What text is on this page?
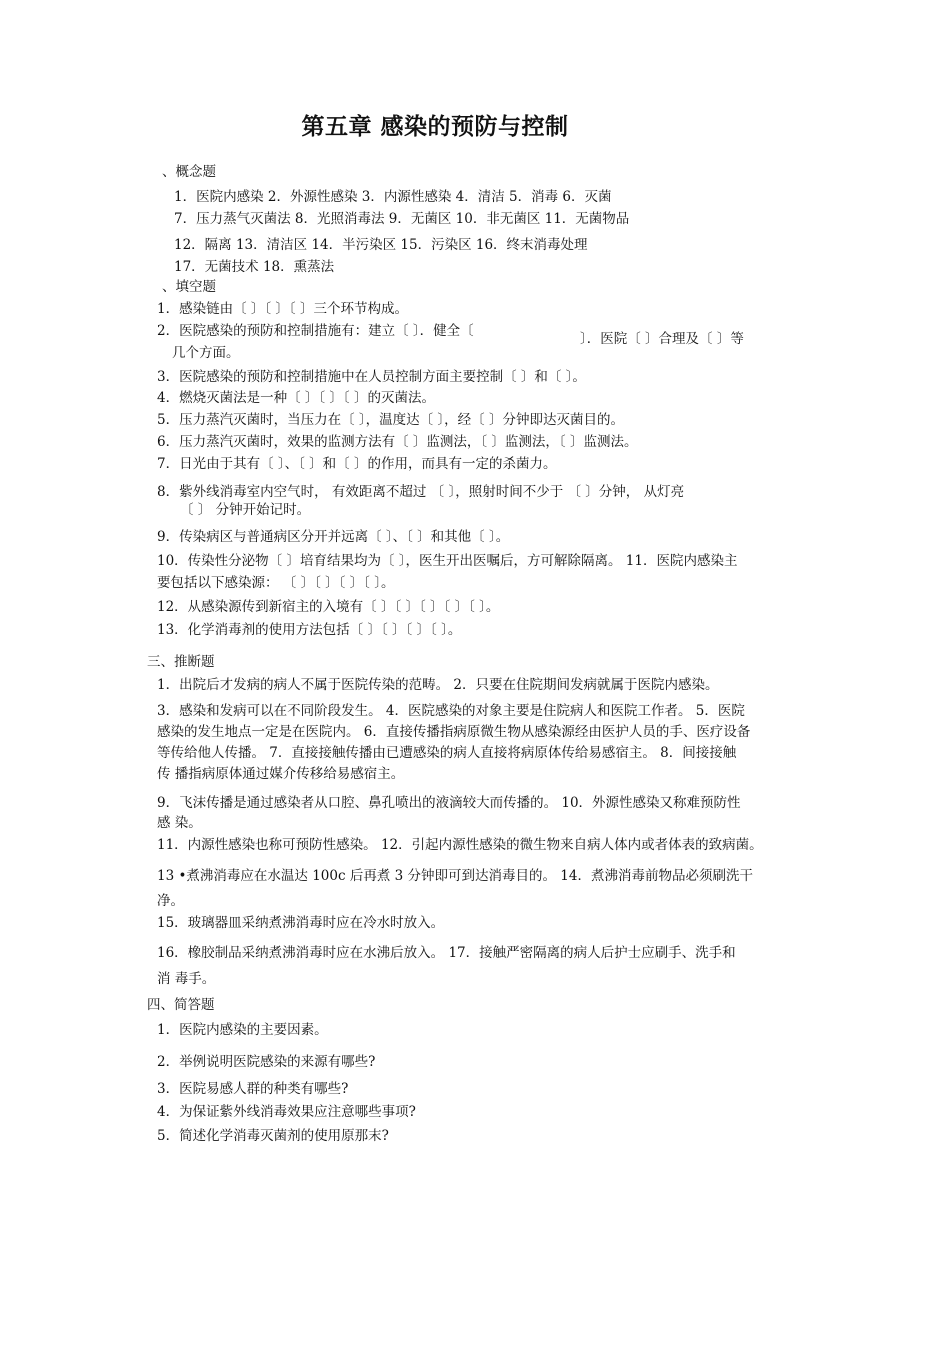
第五章 感染的预防与控制
、概念题
1．医院内感染 2．外源性感染 3．内源性感染 4．清洁 5．消毒 6．灭菌
7．压力蒸气灭菌法 8．光照消毒法 9．无菌区 10．非无菌区 11．无菌物品
12．隔离 13．清洁区 14．半污染区 15．污染区 16．终末消毒处理
17．无菌技术 18．熏蒸法
、填空题
1．感染链由〔 〕〔 〕〔 〕三个环节构成。
2．医院感染的预防和控制措施有：建立〔 〕．健全〔	〕．医院〔 〕合理及〔 〕等
几个方面。
3．医院感染的预防和控制措施中在人员控制方面主要控制〔 〕和〔 〕。
4．燃烧灭菌法是一种〔 〕〔 〕〔 〕的灭菌法。
5．压力蒸汽灭菌时，当压力在〔 〕，温度达〔 〕，经〔 〕分钟即达灭菌目的。
6．压力蒸汽灭菌时，效果的监测方法有〔 〕监测法，〔 〕监测法，〔 〕监测法。
7．日光由于其有〔 〕、〔 〕和〔 〕的作用，而具有一定的杀菌力。
8．紫外线消毒室内空气时， 有效距离不超过 〔 〕，照射时间不少于 〔 〕分钟， 从灯亮
〔 〕 分钟开始记时。
9．传染病区与普通病区分开并远离〔 〕、〔 〕和其他〔 〕。
10．传染性分泌物〔 〕培育结果均为〔 〕，医生开出医嘱后，方可解除隔离。 11．医院内感染主
要包括以下感染源： 〔 〕〔 〕〔 〕〔 〕。
12．从感染源传到新宿主的入境有〔 〕〔 〕〔 〕〔 〕〔 〕。
13．化学消毒剂的使用方法包括〔 〕〔 〕〔 〕〔 〕。
三、推断题
1．出院后才发病的病人不属于医院传染的范畴。 2．只要在住院期间发病就属于医院内感染。
3．感染和发病可以在不同阶段发生。 4．医院感染的对象主要是住院病人和医院工作者。 5．医院
感染的发生地点一定是在医院内。 6．直接传播指病原微生物从感染源经由医护人员的手、医疗设备
等传给他人传播。 7．直接接触传播由已遭感染的病人直接将病原体传给易感宿主。 8．间接接触
传 播指病原体通过媒介传移给易感宿主。
9．飞沫传播是通过感染者从口腔、鼻孔喷出的液滴较大而传播的。 10．外源性感染又称难预防性
感 染。
11．内源性感染也称可预防性感染。 12．引起内源性感染的微生物来自病人体内或者体表的致病菌。
13 •煮沸消毒应在水温达 100c 后再煮 3 分钟即可到达消毒目的。 14．煮沸消毒前物品必须刷洗干
净。
15．玻璃器皿采纳煮沸消毒时应在冷水时放入。
16．橡胶制品采纳煮沸消毒时应在水沸后放入。 17．接触严密隔离的病人后护士应刷手、洗手和
消 毒手。
四、简答题
1．医院内感染的主要因素。
2．举例说明医院感染的来源有哪些?
3．医院易感人群的种类有哪些?
4．为保证紫外线消毒效果应注意哪些事项?
5．简述化学消毒灭菌剂的使用原那末?
